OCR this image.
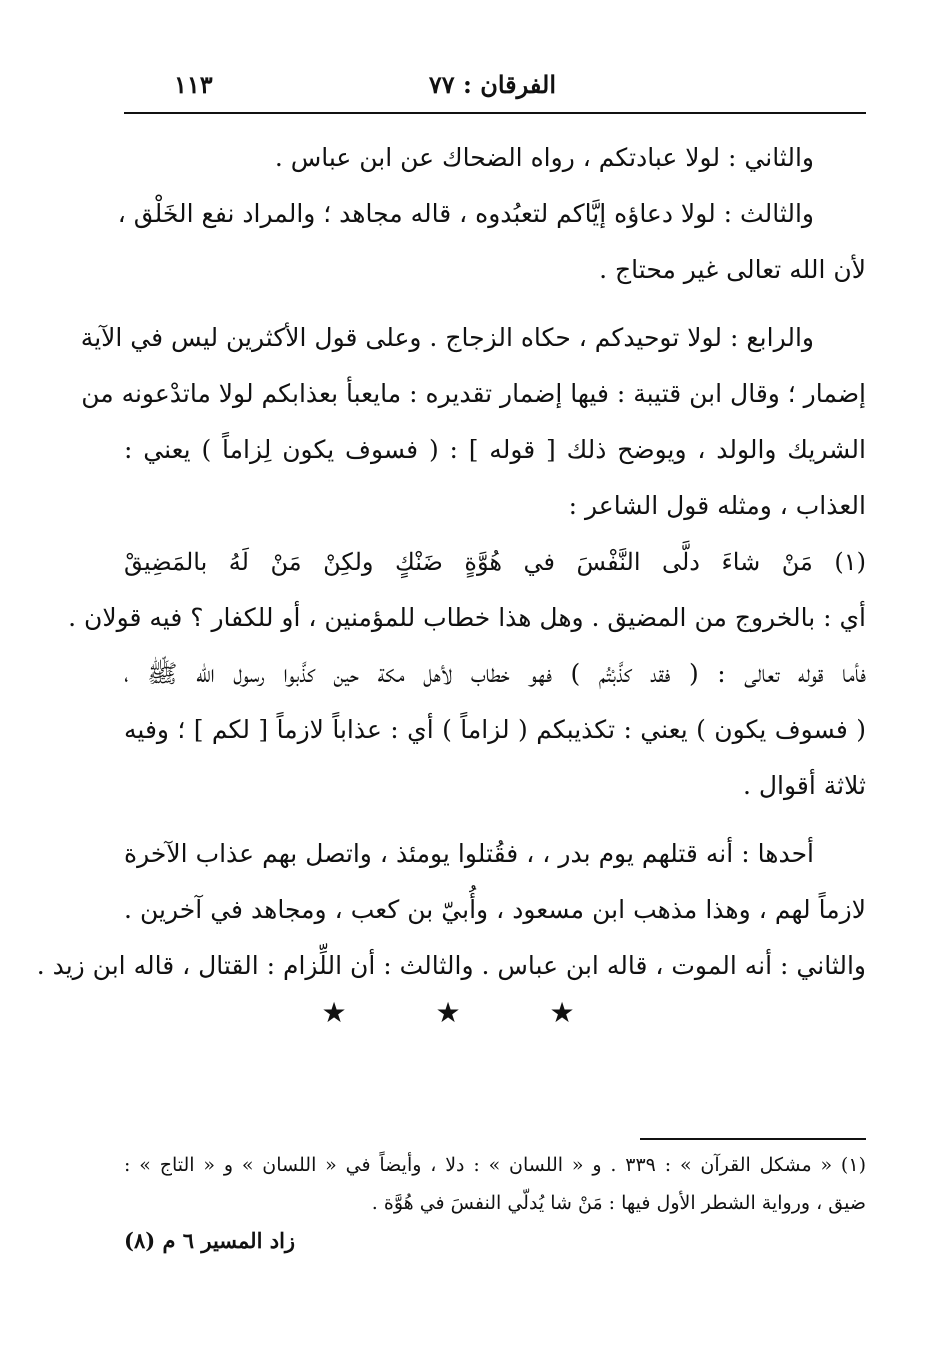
الفرقان : ٧٧
١١٣
والثاني : لولا عبادتكم ، رواه الضحاك عن ابن عباس .
والثالث : لولا دعاؤه إيَّاكم لتعبُدوه ، قاله مجاهد ؛ والمراد نفع الخَلْق ،
لأن الله تعالى غير محتاج .
والرابع : لولا توحيدكم ، حكاه الزجاج . وعلى قول الأكثرين ليس في الآية
إضمار ؛ وقال ابن قتيبة : فيها إضمار تقديره : مايعبأ بعذابكم لولا ماتدْعونه من
الشريك والولد ، ويوضح ذلك [ قوله ] : ( فسوف يكون لِزاماً ) يعني :
العذاب ، ومثله قول الشاعر :
(١) مَنْ شاءَ دلَّى النَّفْسَ في هُوَّةٍ ضَنْكٍ ولكِنْ مَنْ لَهُ بالمَضِيقْ
أي : بالخروج من المضيق . وهل هذا خطاب للمؤمنين ، أو للكفار ؟ فيه قولان .
فأما قوله تعالى : ( فقد كذَّبْتُم ) فهو خطاب لأهل مكة حين كذَّبوا رسول الله ﷺ ،
( فسوف يكون ) يعني : تكذيبكم ( لزاماً ) أي : عذاباً لازماً [ لكم ] ؛ وفيه
ثلاثة أقوال .
أحدها : أنه قتلهم يوم بدر ، ، فقُتلوا يومئذ ، واتصل بهم عذاب الآخرة
لازماً لهم ، وهذا مذهب ابن مسعود ، وأُبيّ بن كعب ، ومجاهد في آخرين .
والثاني : أنه الموت ، قاله ابن عباس . والثالث : أن اللِّزام : القتال ، قاله ابن زيد .
★ ★ ★
(١) « مشكل القرآن » : ٣٣٩ . و « اللسان » : دلا ، وأيضاً في « اللسان » و « التاج » :
ضيق ، ورواية الشطر الأول فيها : مَنْ شا يُدلّي النفسَ في هُوَّة .
زاد المسير ٦ م (٨)
